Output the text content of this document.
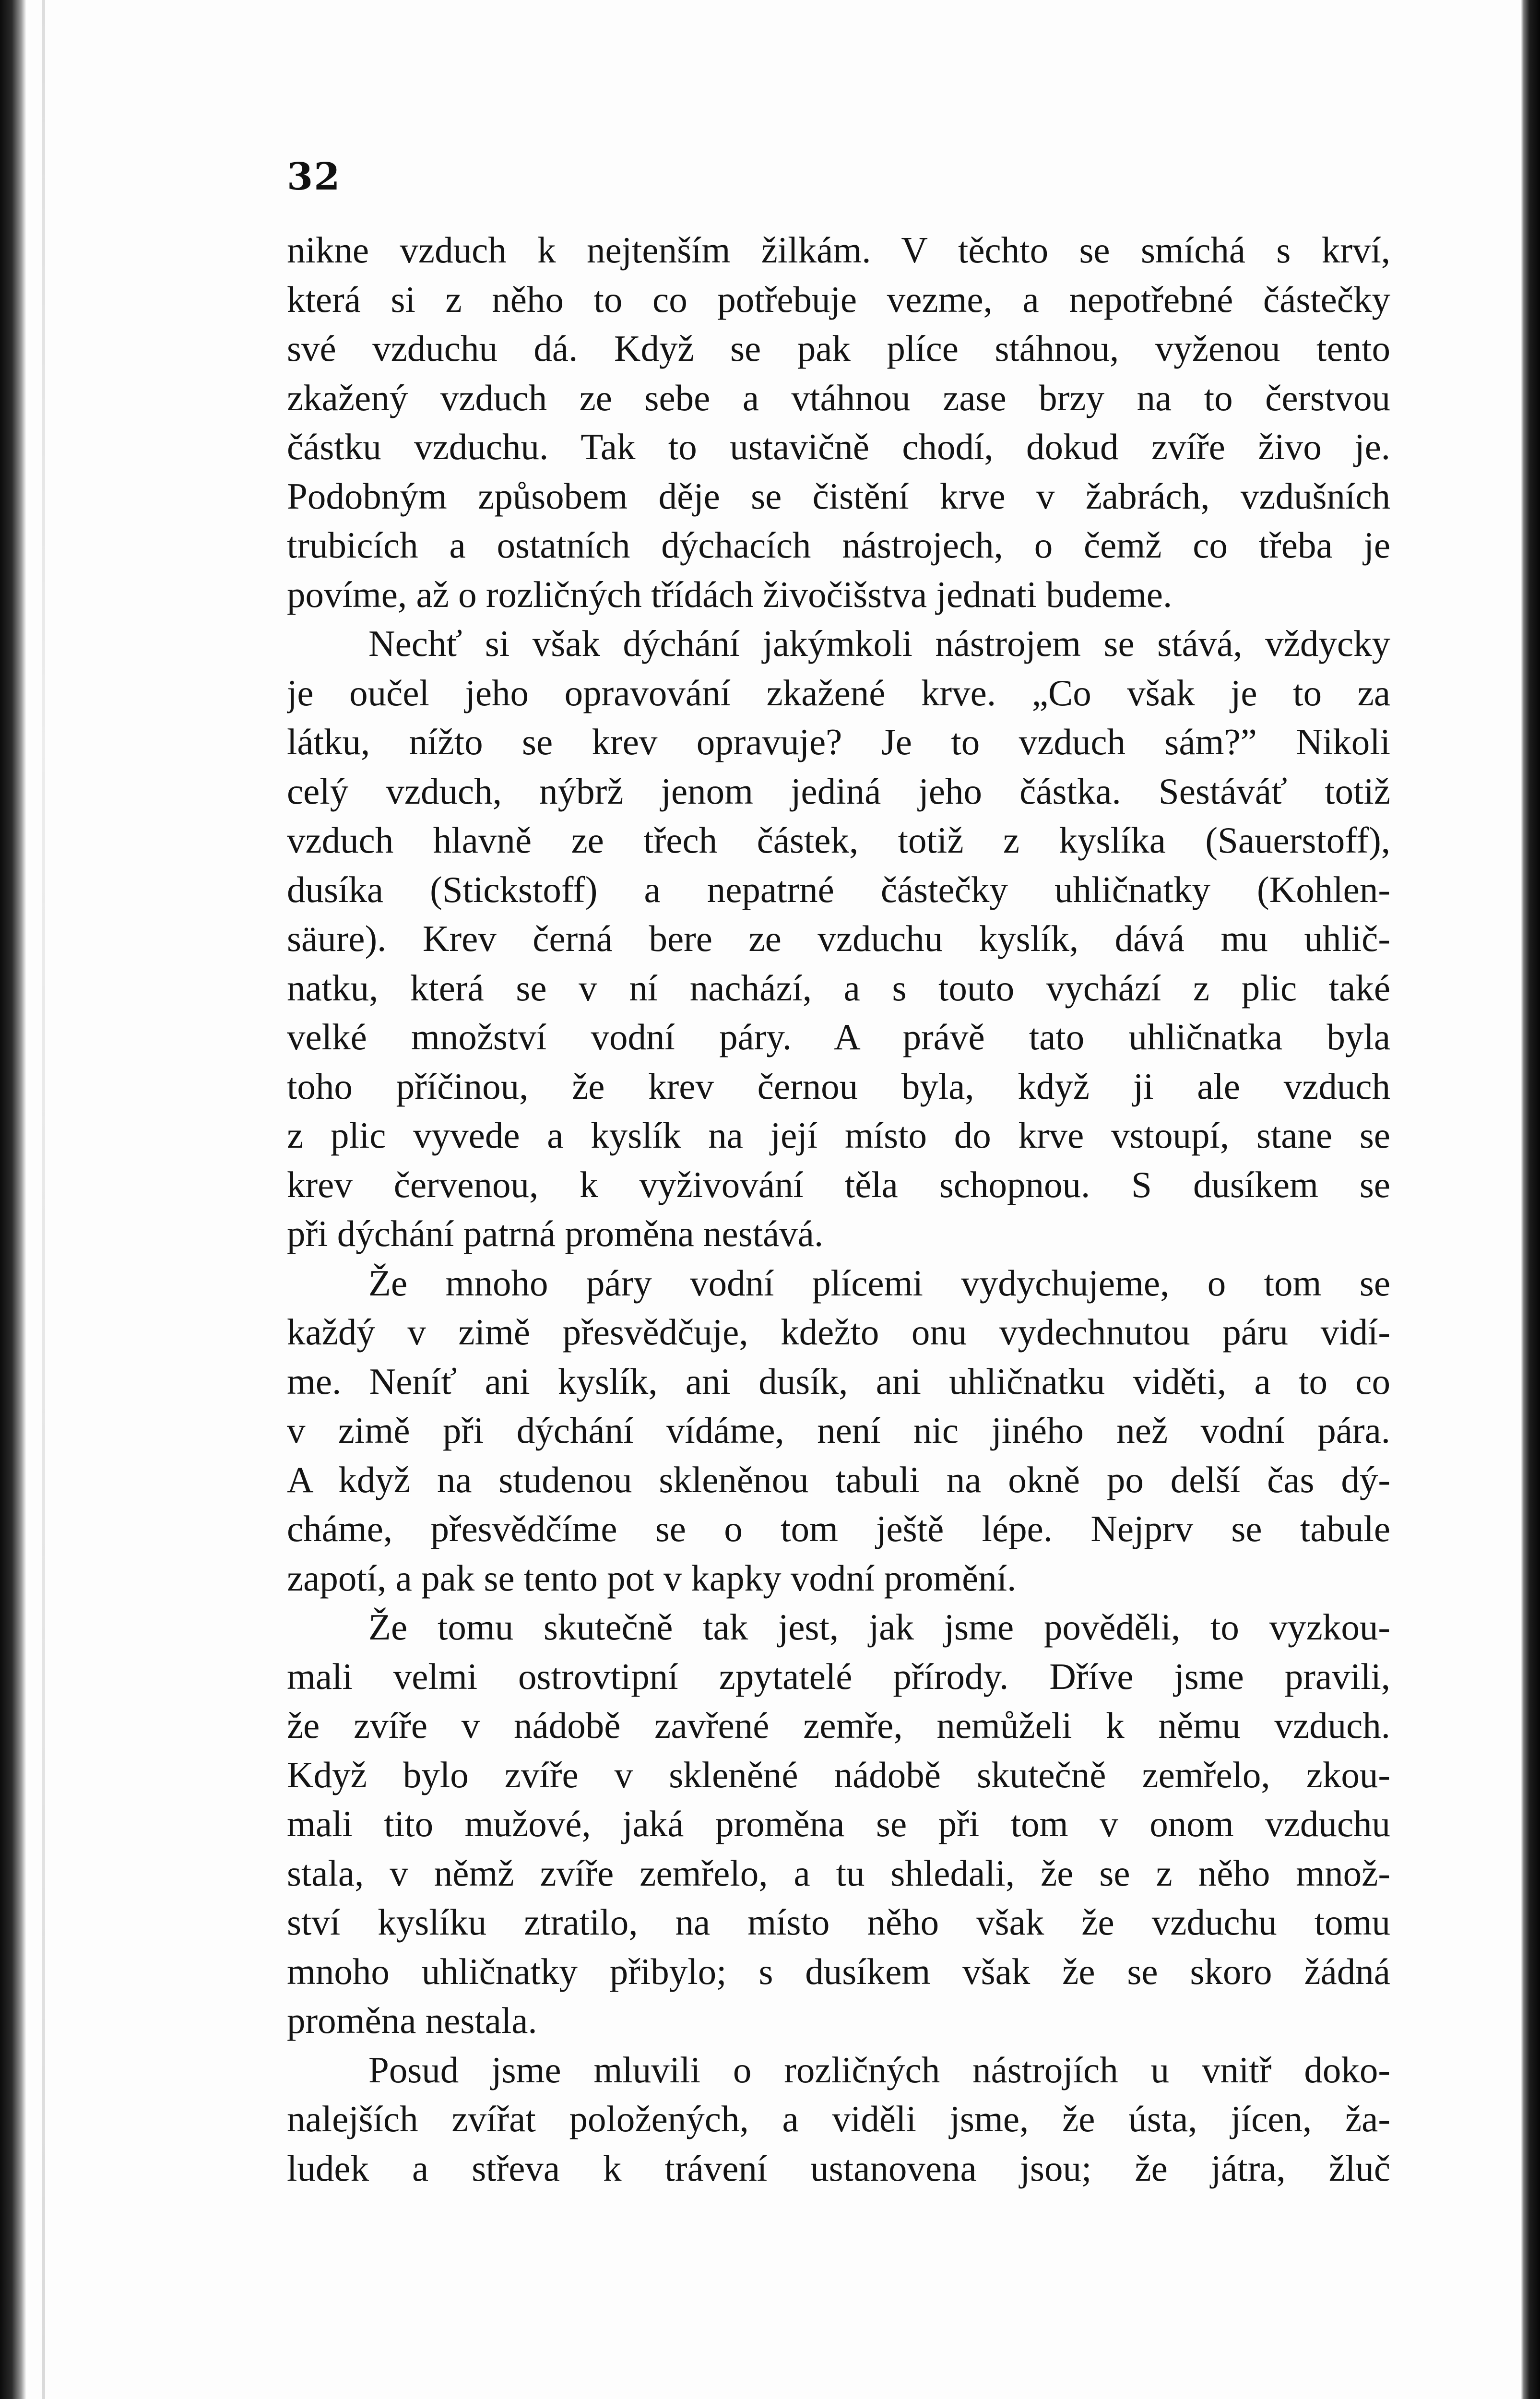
32
nikne vzduch k nejtenším žilkám. V těchto se smíchá s krví,
která si z něho to co potřebuje vezme, a nepotřebné částečky
své vzduchu dá. Když se pak plíce stáhnou, vyženou tento
zkažený vzduch ze sebe a vtáhnou zase brzy na to čerstvou
částku vzduchu. Tak to ustavičně chodí, dokud zvíře živo je.
Podobným způsobem děje se čistění krve v žabrách, vzdušních
trubicích a ostatních dýchacích nástrojech, o čemž co třeba je
povíme, až o rozličných třídách živočišstva jednati budeme.
Nechť si však dýchání jakýmkoli nástrojem se stává, vždycky
je oučel jeho opravování zkažené krve. „Co však je to za
látku, nížto se krev opravuje? Je to vzduch sám?” Nikoli
celý vzduch, nýbrž jenom jediná jeho částka. Sestáváť totiž
vzduch hlavně ze třech částek, totiž z kyslíka (Sauerstoff),
dusíka (Stickstoff) a nepatrné částečky uhličnatky (Kohlen-
säure). Krev černá bere ze vzduchu kyslík, dává mu uhlič-
natku, která se v ní nachází, a s touto vychází z plic také
velké množství vodní páry. A právě tato uhličnatka byla
toho příčinou, že krev černou byla, když ji ale vzduch
z plic vyvede a kyslík na její místo do krve vstoupí, stane se
krev červenou, k vyživování těla schopnou. S dusíkem se
při dýchání patrná proměna nestává.
Že mnoho páry vodní plícemi vydychujeme, o tom se
každý v zimě přesvědčuje, kdežto onu vydechnutou páru vidí-
me. Neníť ani kyslík, ani dusík, ani uhličnatku viděti, a to co
v zimě při dýchání vídáme, není nic jiného než vodní pára.
A když na studenou skleněnou tabuli na okně po delší čas dý-
cháme, přesvědčíme se o tom ještě lépe. Nejprv se tabule
zapotí, a pak se tento pot v kapky vodní promění.
Že tomu skutečně tak jest, jak jsme pověděli, to vyzkou-
mali velmi ostrovtipní zpytatelé přírody. Dříve jsme pravili,
že zvíře v nádobě zavřené zemře, nemůželi k němu vzduch.
Když bylo zvíře v skleněné nádobě skutečně zemřelo, zkou-
mali tito mužové, jaká proměna se při tom v onom vzduchu
stala, v němž zvíře zemřelo, a tu shledali, že se z něho množ-
ství kyslíku ztratilo, na místo něho však že vzduchu tomu
mnoho uhličnatky přibylo; s dusíkem však že se skoro žádná
proměna nestala.
Posud jsme mluvili o rozličných nástrojích u vnitř doko-
nalejších zvířat položených, a viděli jsme, že ústa, jícen, ža-
ludek a střeva k trávení ustanovena jsou; že játra, žluč
